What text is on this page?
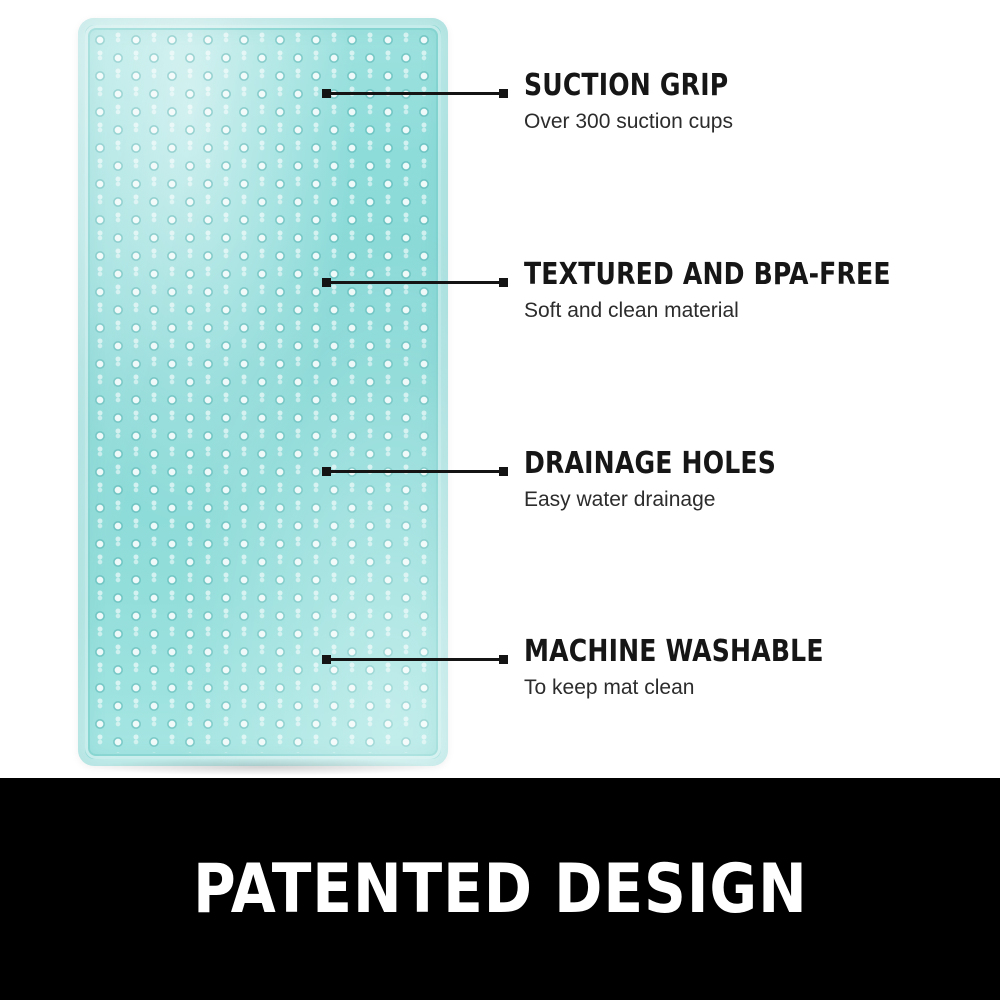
SUCTION GRIP
Over 300 suction cups
TEXTURED AND BPA-FREE
Soft and clean material
DRAINAGE HOLES
Easy water drainage
MACHINE WASHABLE
To keep mat clean
PATENTED DESIGN
